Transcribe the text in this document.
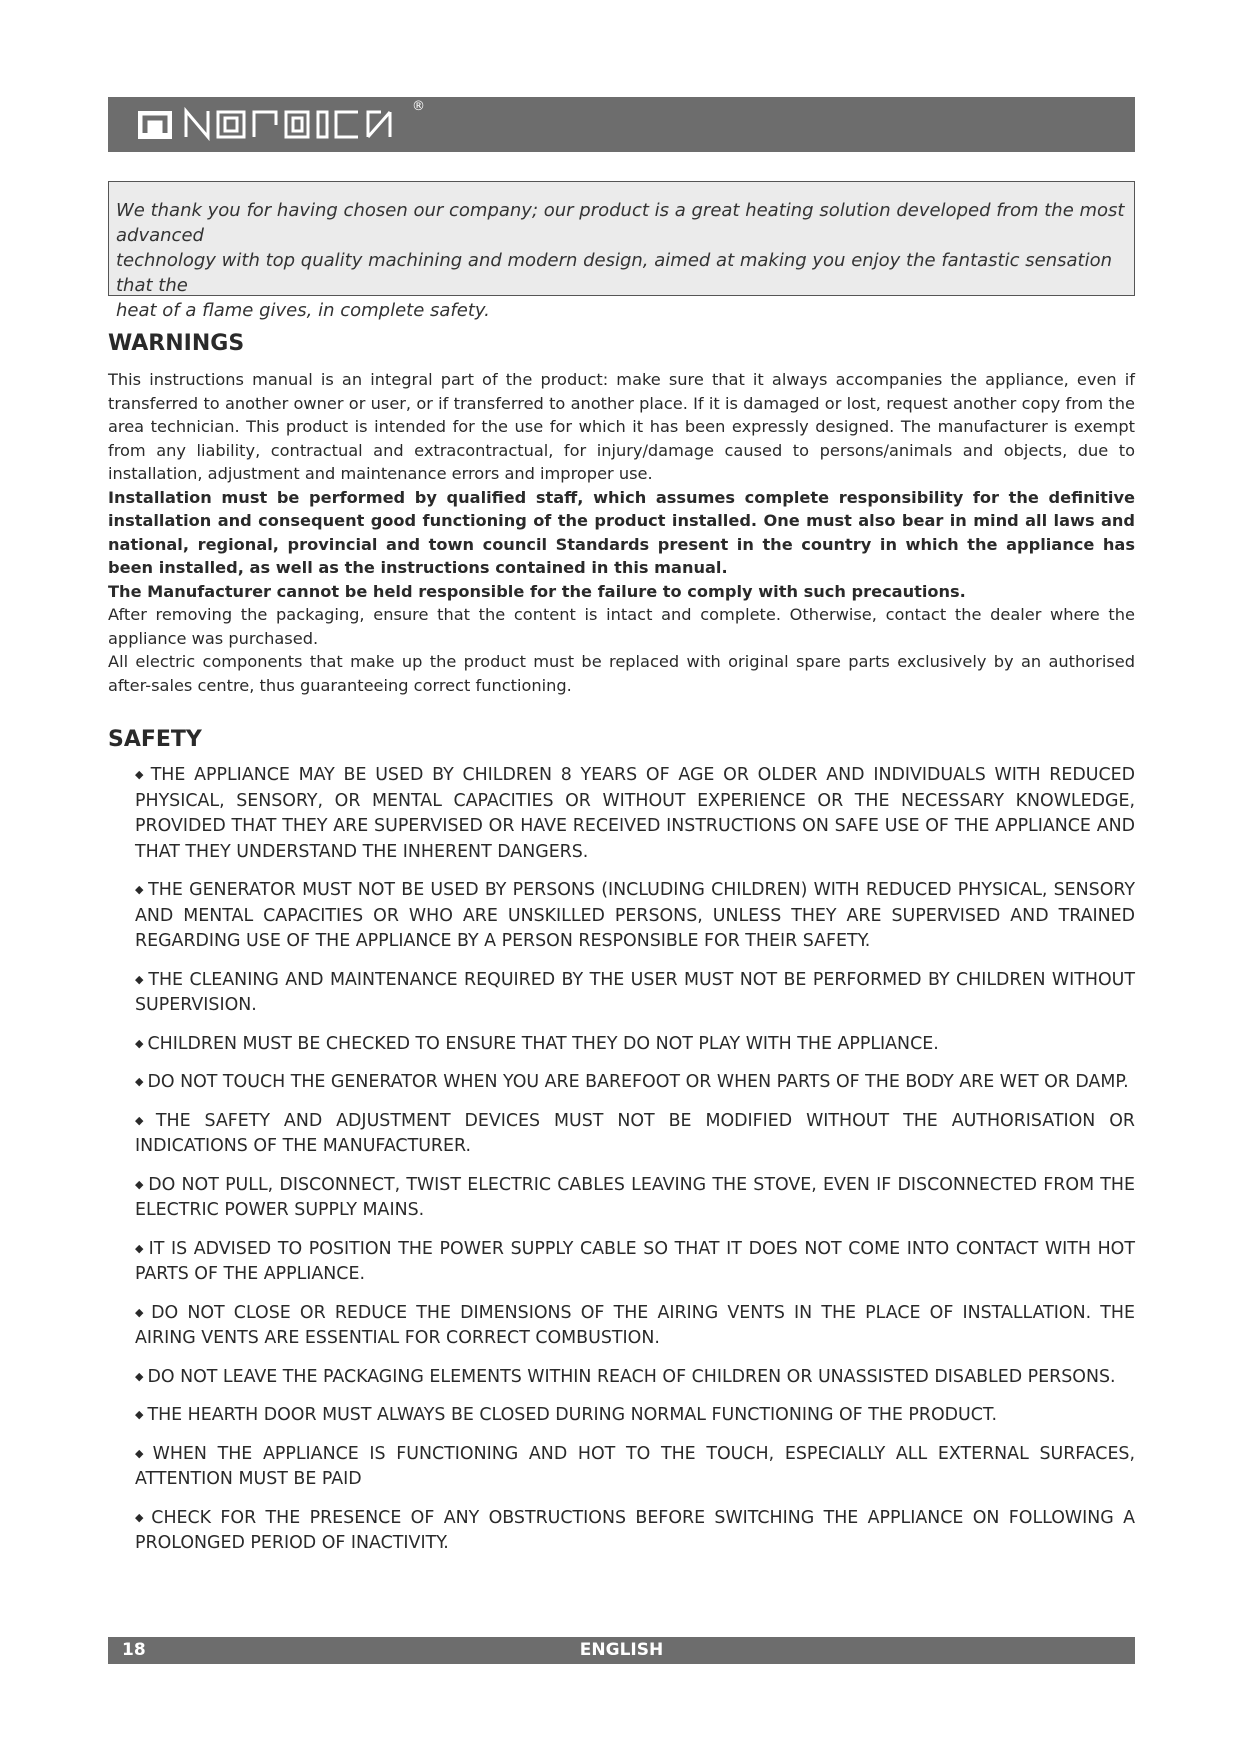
®

We thank you for having chosen our company; our product is a great heating solution developed from the most advanced
technology with top quality machining and modern design, aimed at making you enjoy the fantastic sensation that the
heat of a flame gives, in complete safety.

WARNINGS

This instructions manual is an integral part of the product: make sure that it always accompanies the appliance, even if transferred to another owner or user, or if transferred to another place. If it is damaged or lost, request another copy from the area technician. This product is intended for the use for which it has been expressly designed. The manufacturer is exempt from any liability, contractual and extracontractual, for injury/damage caused to persons/animals and objects, due to installation, adjustment and maintenance errors and improper use.

Installation must be performed by qualified staff, which assumes complete responsibility for the definitive installation and consequent good functioning of the product installed. One must also bear in mind all laws and national, regional, provincial and town council Standards present in the country in which the appliance has been installed, as well as the instructions contained in this manual.

The Manufacturer cannot be held responsible for the failure to comply with such precautions.

After removing the packaging, ensure that the content is intact and complete. Otherwise, contact the dealer where the appliance was purchased.

All electric components that make up the product must be replaced with original spare parts exclusively by an authorised after-sales centre, thus guaranteeing correct functioning.

SAFETY

◆ THE APPLIANCE MAY BE USED BY CHILDREN 8 YEARS OF AGE OR OLDER AND INDIVIDUALS WITH REDUCED PHYSICAL, SENSORY, OR MENTAL CAPACITIES OR WITHOUT EXPERIENCE OR THE NECESSARY KNOWLEDGE, PROVIDED THAT THEY ARE SUPERVISED OR HAVE RECEIVED INSTRUCTIONS ON SAFE USE OF THE APPLIANCE AND THAT THEY UNDERSTAND THE INHERENT DANGERS.

◆ THE GENERATOR MUST NOT BE USED BY PERSONS (INCLUDING CHILDREN) WITH REDUCED PHYSICAL, SENSORY AND MENTAL CAPACITIES OR WHO ARE UNSKILLED PERSONS, UNLESS THEY ARE SUPERVISED AND TRAINED REGARDING USE OF THE APPLIANCE BY A PERSON RESPONSIBLE FOR THEIR SAFETY.

◆ THE CLEANING AND MAINTENANCE REQUIRED BY THE USER MUST NOT BE PERFORMED BY CHILDREN WITHOUT SUPERVISION.

◆ CHILDREN MUST BE CHECKED TO ENSURE THAT THEY DO NOT PLAY WITH THE APPLIANCE.

◆ DO NOT TOUCH THE GENERATOR WHEN YOU ARE BAREFOOT OR WHEN PARTS OF THE BODY ARE WET OR DAMP.

◆ THE SAFETY AND ADJUSTMENT DEVICES MUST NOT BE MODIFIED WITHOUT THE AUTHORISATION OR INDICATIONS OF THE MANUFACTURER.

◆ DO NOT PULL, DISCONNECT, TWIST ELECTRIC CABLES LEAVING THE STOVE, EVEN IF DISCONNECTED FROM THE ELECTRIC POWER SUPPLY MAINS.

◆ IT IS ADVISED TO POSITION THE POWER SUPPLY CABLE SO THAT IT DOES NOT COME INTO CONTACT WITH HOT PARTS OF THE APPLIANCE.

◆ DO NOT CLOSE OR REDUCE THE DIMENSIONS OF THE AIRING VENTS IN THE PLACE OF INSTALLATION. THE AIRING VENTS ARE ESSENTIAL FOR CORRECT COMBUSTION.

◆ DO NOT LEAVE THE PACKAGING ELEMENTS WITHIN REACH OF CHILDREN OR UNASSISTED DISABLED PERSONS.

◆ THE HEARTH DOOR MUST ALWAYS BE CLOSED DURING NORMAL FUNCTIONING OF THE PRODUCT.

◆ WHEN THE APPLIANCE IS FUNCTIONING AND HOT TO THE TOUCH, ESPECIALLY ALL EXTERNAL SURFACES, ATTENTION MUST BE PAID

◆ CHECK FOR THE PRESENCE OF ANY OBSTRUCTIONS BEFORE SWITCHING THE APPLIANCE ON FOLLOWING A PROLONGED PERIOD OF INACTIVITY.

18	ENGLISH
